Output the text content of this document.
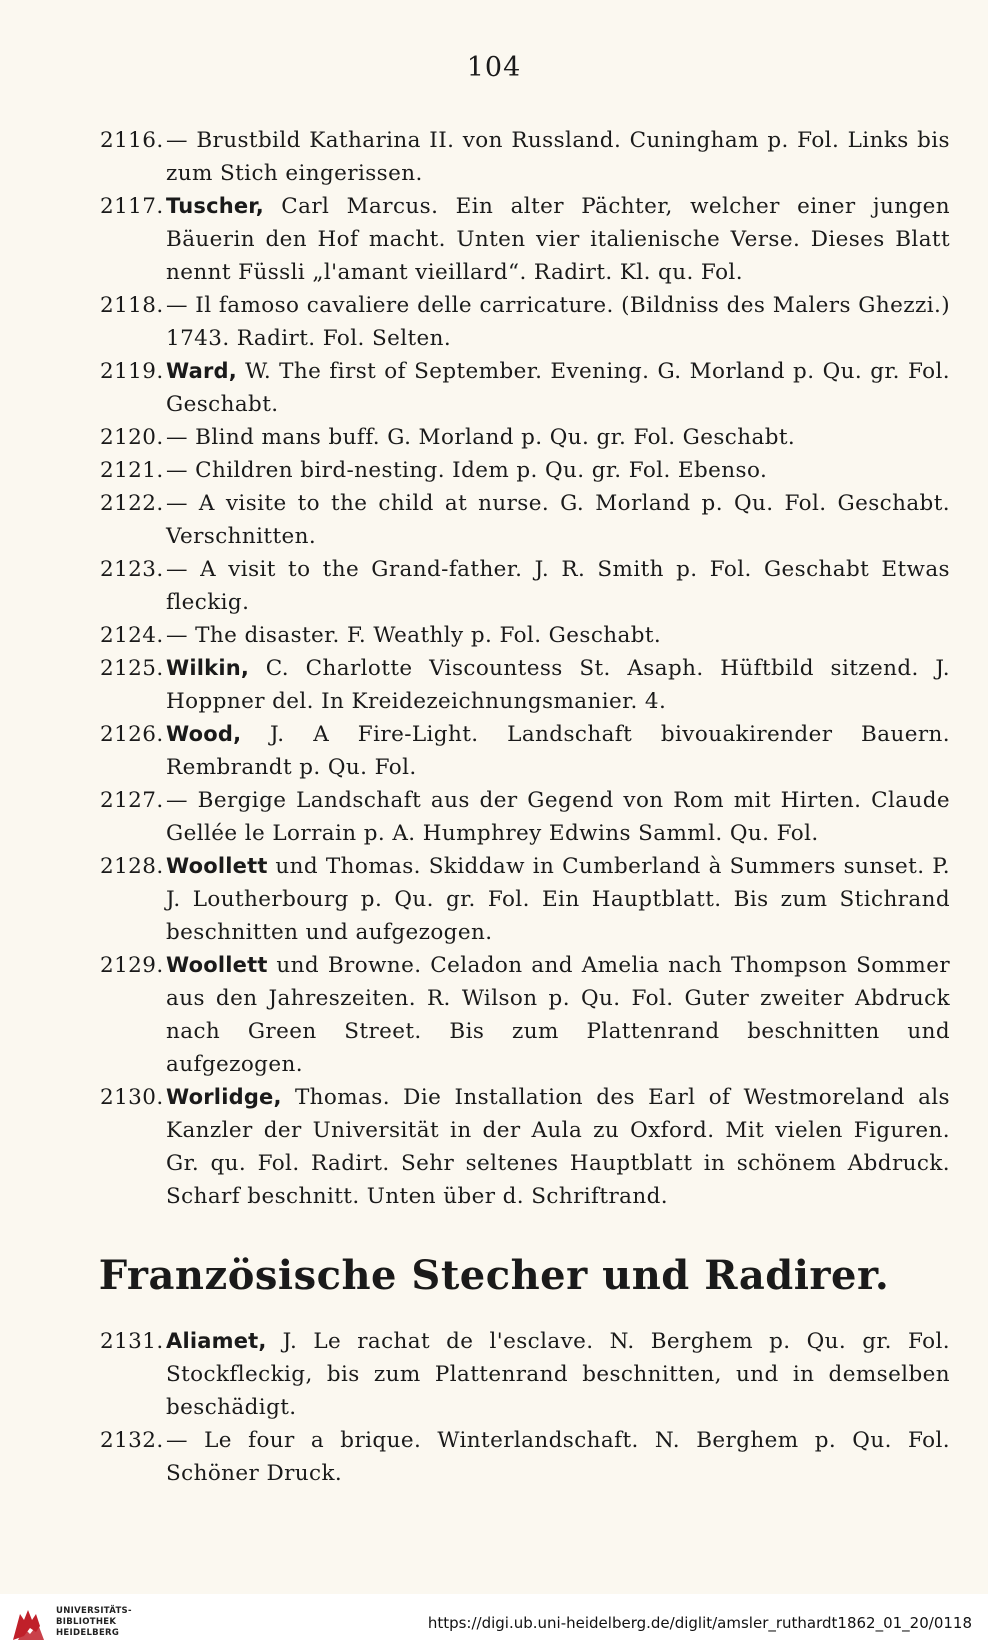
104
2116. — Brustbild Katharina II. von Russland. Cuningham p. Fol. Links bis zum Stich eingerissen.
2117. Tuscher, Carl Marcus. Ein alter Pächter, welcher einer jungen Bäuerin den Hof macht. Unten vier italienische Verse. Dieses Blatt nennt Füssli „l'amant vieillard“. Radirt. Kl. qu. Fol.
2118. — Il famoso cavaliere delle carricature. (Bildniss des Malers Ghezzi.) 1743. Radirt. Fol. Selten.
2119. Ward, W. The first of September. Evening. G. Morland p. Qu. gr. Fol. Geschabt.
2120. — Blind mans buff. G. Morland p. Qu. gr. Fol. Geschabt.
2121. — Children bird-nesting. Idem p. Qu. gr. Fol. Ebenso.
2122. — A visite to the child at nurse. G. Morland p. Qu. Fol. Geschabt. Verschnitten.
2123. — A visit to the Grand-father. J. R. Smith p. Fol. Geschabt Etwas fleckig.
2124. — The disaster. F. Weathly p. Fol. Geschabt.
2125. Wilkin, C. Charlotte Viscountess St. Asaph. Hüftbild sitzend. J. Hoppner del. In Kreidezeichnungsmanier. 4.
2126. Wood, J. A Fire-Light. Landschaft bivouakirender Bauern. Rembrandt p. Qu. Fol.
2127. — Bergige Landschaft aus der Gegend von Rom mit Hirten. Claude Gellée le Lorrain p. A. Humphrey Edwins Samml. Qu. Fol.
2128. Woollett und Thomas. Skiddaw in Cumberland à Summers sunset. P. J. Loutherbourg p. Qu. gr. Fol. Ein Hauptblatt. Bis zum Stichrand beschnitten und aufgezogen.
2129. Woollett und Browne. Celadon and Amelia nach Thompson Sommer aus den Jahreszeiten. R. Wilson p. Qu. Fol. Guter zweiter Abdruck nach Green Street. Bis zum Plattenrand beschnitten und aufgezogen.
2130. Worlidge, Thomas. Die Installation des Earl of Westmoreland als Kanzler der Universität in der Aula zu Oxford. Mit vielen Figuren. Gr. qu. Fol. Radirt. Sehr seltenes Hauptblatt in schönem Abdruck. Scharf beschnitt. Unten über d. Schriftrand.
Französische Stecher und Radirer.
2131. Aliamet, J. Le rachat de l'esclave. N. Berghem p. Qu. gr. Fol. Stockfleckig, bis zum Plattenrand beschnitten, und in demselben beschädigt.
2132. — Le four a brique. Winterlandschaft. N. Berghem p. Qu. Fol. Schöner Druck.
UNIVERSITÄTS-
BIBLIOTHEK
HEIDELBERG
https://digi.ub.uni-heidelberg.de/diglit/amsler_ruthardt1862_01_20/0118
